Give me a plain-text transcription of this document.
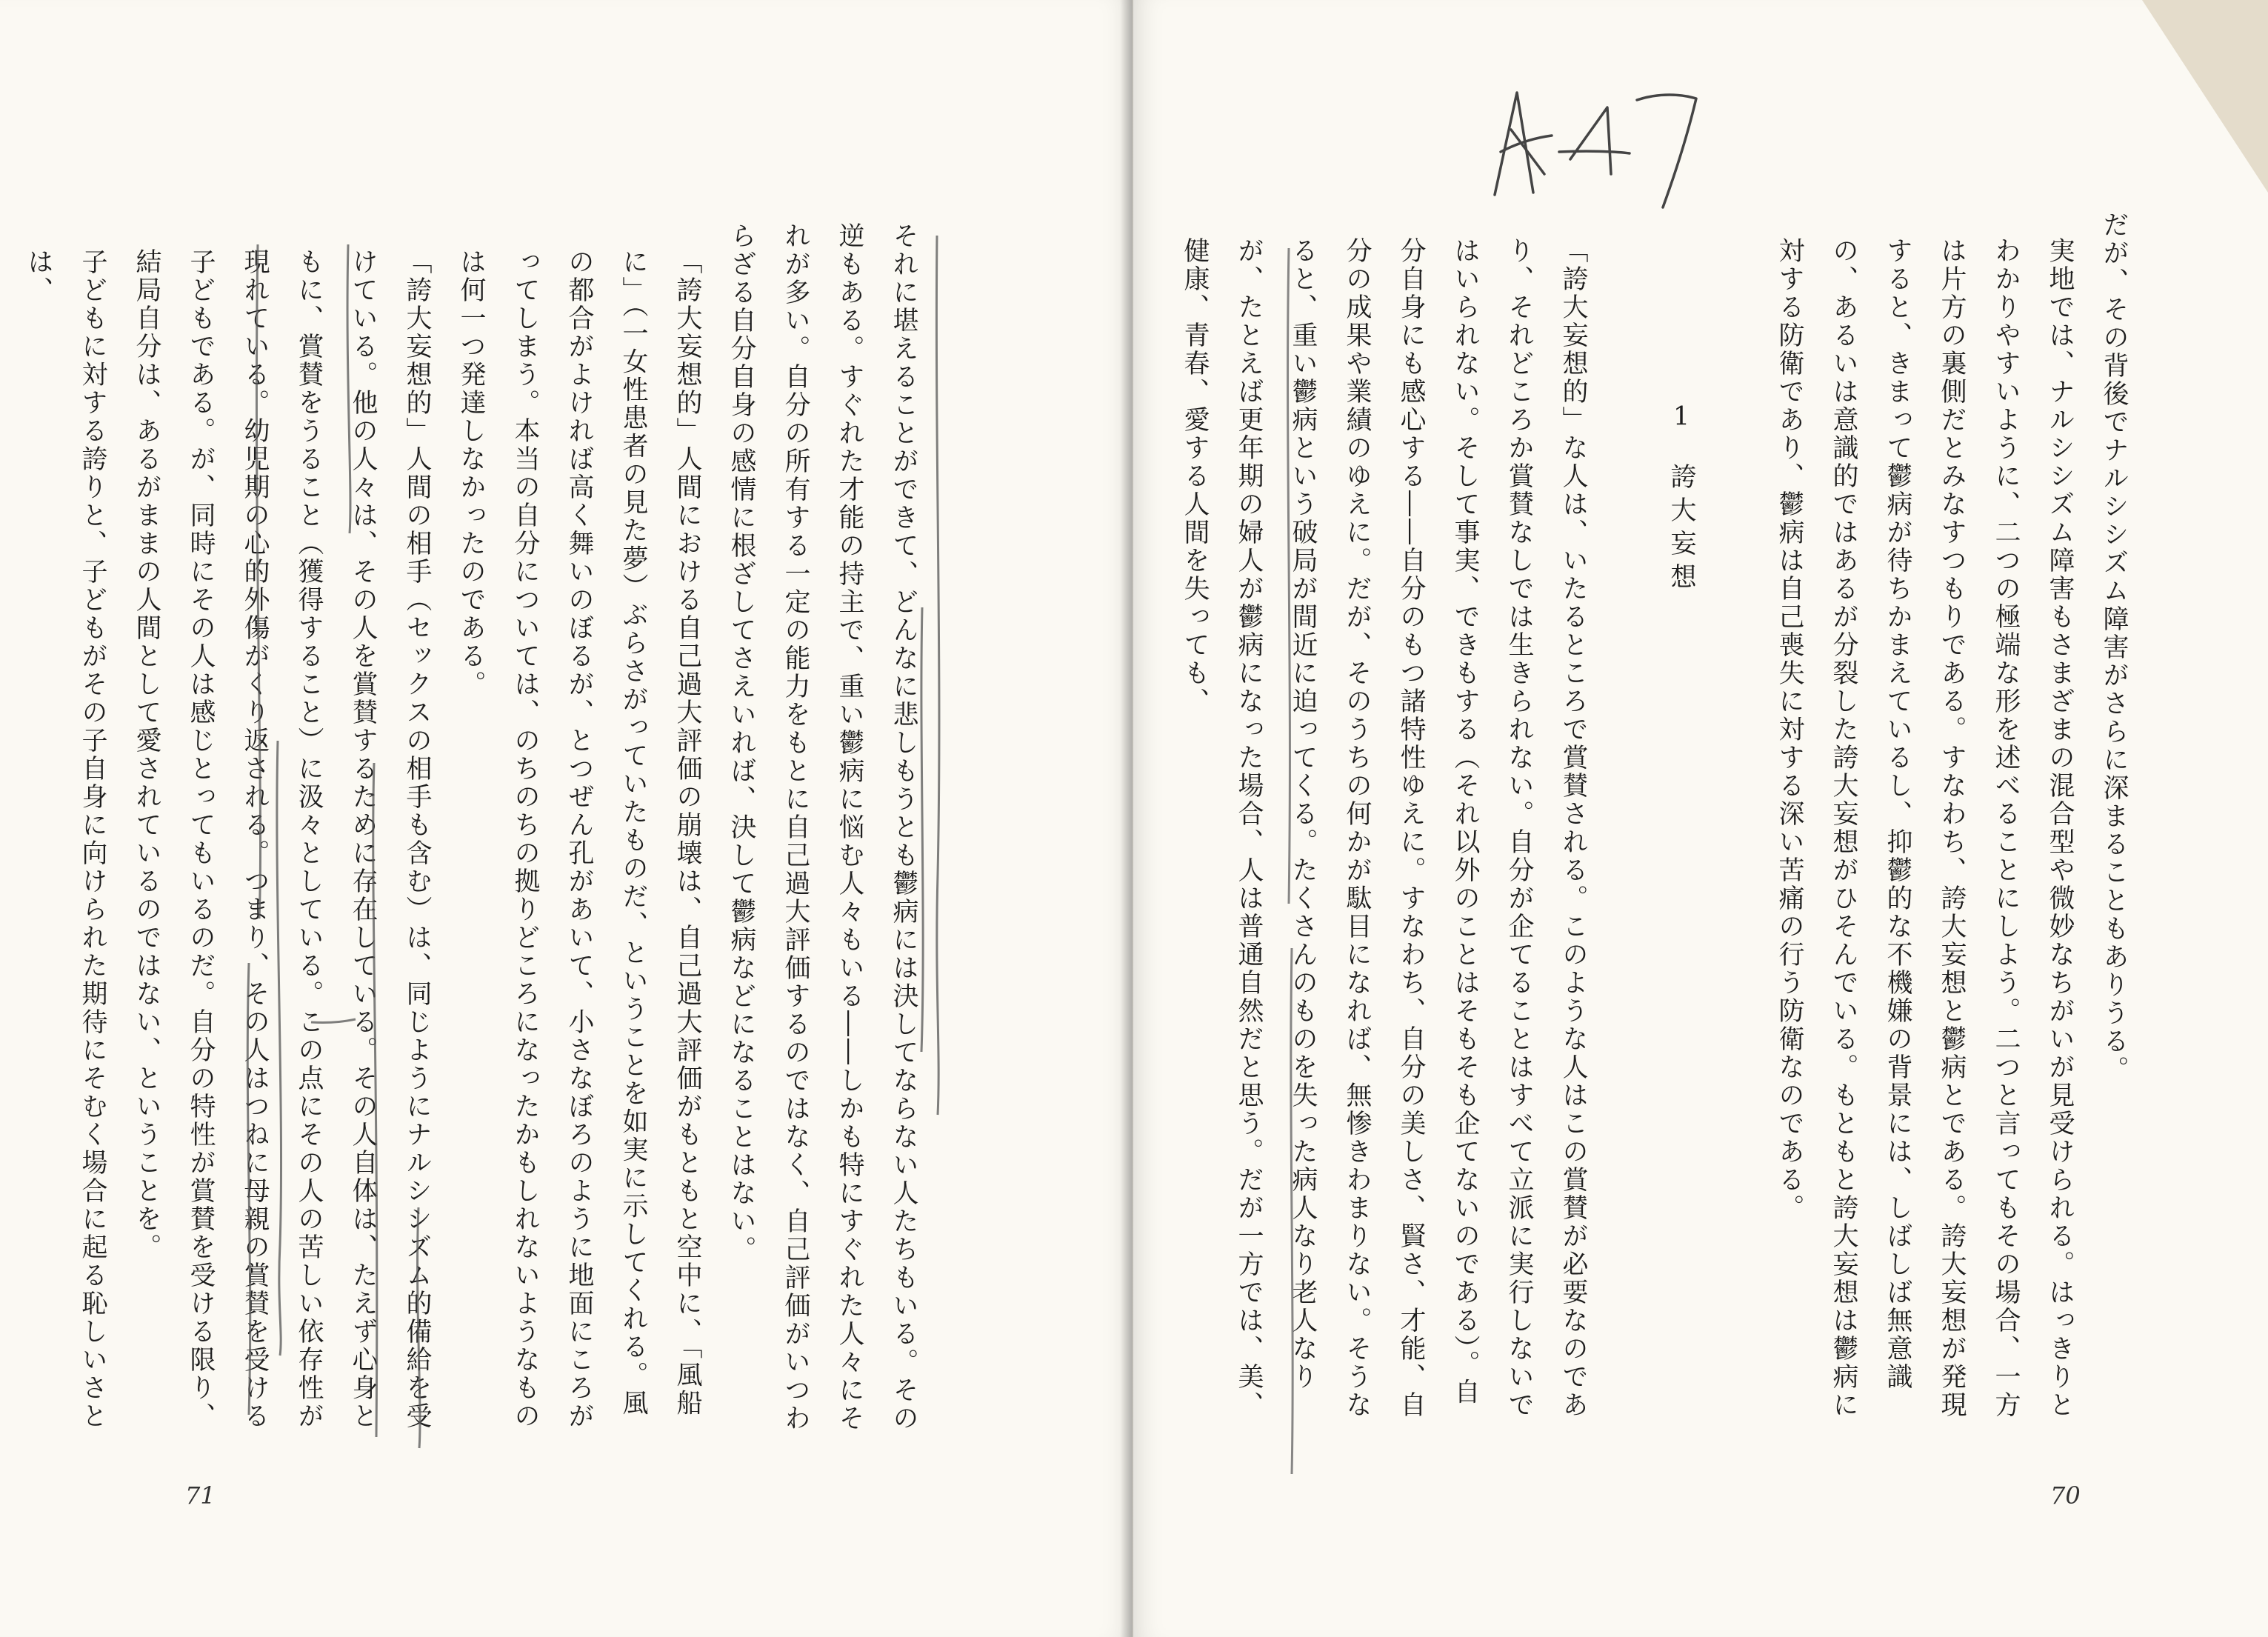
それに堪えることができて、どんなに悲しもうとも鬱病には決してならない人たちもいる。その逆もある。すぐれた才能の持主で、重い鬱病に悩む人々もいる――しかも特にすぐれた人々にそれが多い。自分の所有する一定の能力をもとに自己過大評価するのではなく、自己評価がいつわらざる自分自身の感情に根ざしてさえいれば、決して鬱病などになることはない。
「誇大妄想的」人間における自己過大評価の崩壊は、自己過大評価がもともと空中に、「風船に」（一女性患者の見た夢）ぶらさがっていたものだ、ということを如実に示してくれる。風の都合がよければ高く舞いのぼるが、とつぜん孔があいて、小さなぼろのように地面にころがってしまう。本当の自分については、のちのちの拠りどころになったかもしれないようなものは何一つ発達しなかったのである。
「誇大妄想的」人間の相手（セックスの相手も含む）は、同じようにナルシシズム的備給を受けている。他の人々は、その人を賞賛するために存在している。その人自体は、たえず心身ともに、賞賛をうること（獲得すること）に汲々としている。この点にその人の苦しい依存性が現れている。幼児期の心的外傷がくり返される。つまり、その人はつねに母親の賞賛を受ける子どもである。が、同時にその人は感じとってもいるのだ。自分の特性が賞賛を受ける限り、結局自分は、あるがままの人間として愛されているのではない、ということを。
子どもに対する誇りと、子どもがその子自身に向けられた期待にそむく場合に起る恥しいさとは、
71
だが、その背後でナルシシズム障害がさらに深まることもありうる。
実地では、ナルシシズム障害もさまざまの混合型や微妙なちがいが見受けられる。はっきりとわかりやすいように、二つの極端な形を述べることにしよう。二つと言ってもその場合、一方は片方の裏側だとみなすつもりである。すなわち、誇大妄想と鬱病とである。誇大妄想が発現すると、きまって鬱病が待ちかまえているし、抑鬱的な不機嫌の背景には、しばしば無意識の、あるいは意識的ではあるが分裂した誇大妄想がひそんでいる。もともと誇大妄想は鬱病に対する防衛であり、鬱病は自己喪失に対する深い苦痛の行う防衛なのである。
1　誇大妄想
「誇大妄想的」な人は、いたるところで賞賛される。このような人はこの賞賛が必要なのであり、それどころか賞賛なしでは生きられない。自分が企てることはすべて立派に実行しないではいられない。そして事実、できもする（それ以外のことはそもそも企てないのである）。自分自身にも感心する――自分のもつ諸特性ゆえに。すなわち、自分の美しさ、賢さ、才能、自分の成果や業績のゆえに。だが、そのうちの何かが駄目になれば、無惨きわまりない。そうなると、重い鬱病という破局が間近に迫ってくる。たくさんのものを失った病人なり老人なりが、たとえば更年期の婦人が鬱病になった場合、人は普通自然だと思う。だが一方では、美、健康、青春、愛する人間を失っても、
70
